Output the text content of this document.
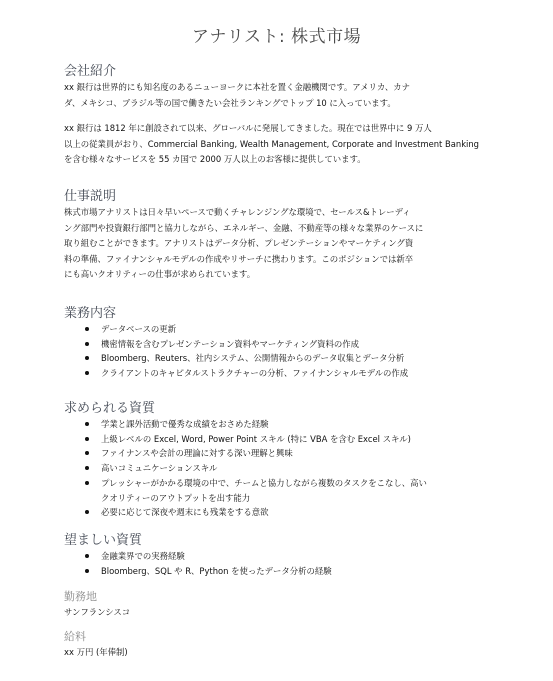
アナリスト: 株式市場
会社紹介

xx 銀行は世界的にも知名度のあるニューヨークに本社を置く金融機関です。アメリカ、カナ
ダ、メキシコ、ブラジル等の国で働きたい会社ランキングでトップ 10 に入っています。

xx 銀行は 1812 年に創設されて以来、グローバルに発展してきました。現在では世界中に 9 万人
以上の従業員がおり、Commercial Banking, Wealth Management, Corporate and Investment Banking
を含む様々なサービスを 55 カ国で 2000 万人以上のお客様に提供しています。

仕事説明

株式市場アナリストは日々早いペースで動くチャレンジングな環境で、セールス&トレーディ
ング部門や投資銀行部門と協力しながら、エネルギー、金融、不動産等の様々な業界のケースに
取り組むことができます。アナリストはデータ分析、プレゼンテーションやマーケティング資
料の準備、ファイナンシャルモデルの作成やリサーチに携わります。このポジションでは新卒
にも高いクオリティーの仕事が求められています。

業務内容
データベースの更新
機密情報を含むプレゼンテーション資料やマーケティング資料の作成
Bloomberg、Reuters、社内システム、公開情報からのデータ収集とデータ分析
クライアントのキャピタルストラクチャーの分析、ファイナンシャルモデルの作成
求められる資質
学業と課外活動で優秀な成績をおさめた経験
上級レベルの Excel, Word, Power Point スキル (特に VBA を含む Excel スキル)
ファイナンスや会計の理論に対する深い理解と興味
高いコミュニケーションスキル
プレッシャーがかかる環境の中で、チームと協力しながら複数のタスクをこなし、高い
クオリティーのアウトプットを出す能力
必要に応じて深夜や週末にも残業をする意欲
望ましい資質
金融業界での実務経験
Bloomberg、SQL や R、Python を使ったデータ分析の経験
勤務地
サンフランシスコ
給料
xx 万円 (年俸制)
